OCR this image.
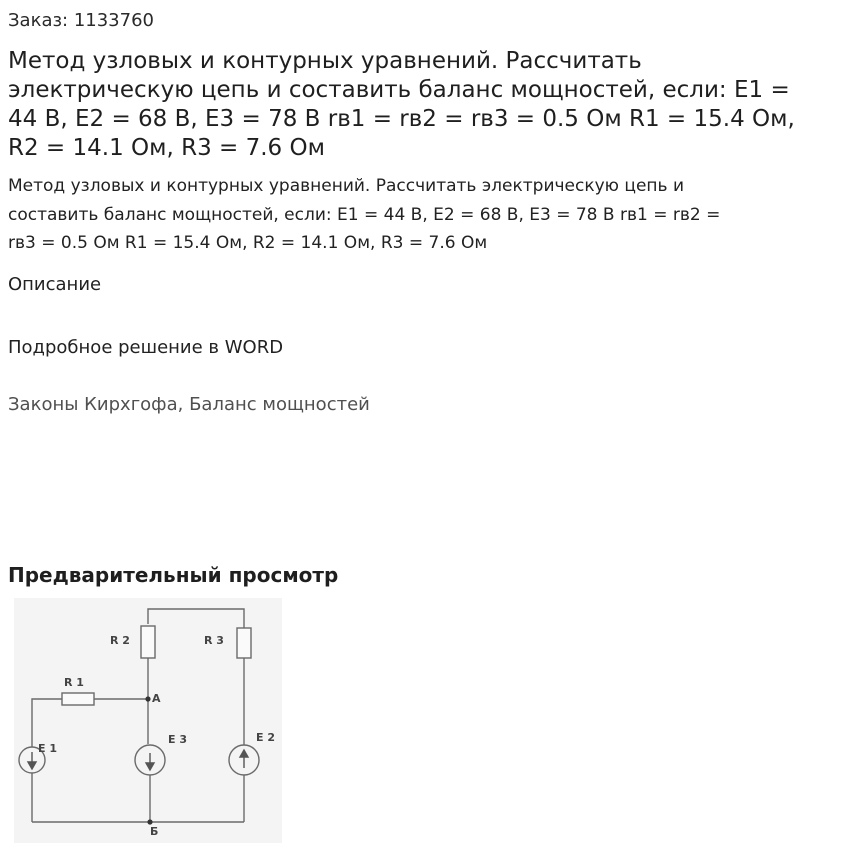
Заказ: 1133760

Метод узловых и контурных уравнений. Рассчитать
электрическую цепь и составить баланс мощностей, если: E1 =
44 В, E2 = 68 В, E3 = 78 В rв1 = rв2 = rв3 = 0.5 Ом R1 = 15.4 Ом,
R2 = 14.1 Ом, R3 = 7.6 Ом

Метод узловых и контурных уравнений. Рассчитать электрическую цепь и
составить баланс мощностей, если: E1 = 44 В, E2 = 68 В, E3 = 78 В rв1 = rв2 =
rв3 = 0.5 Ом R1 = 15.4 Ом, R2 = 14.1 Ом, R3 = 7.6 Ом

Описание

Подробное решение в WORD

Законы Кирхгофа, Баланс мощностей

Предварительный просмотр
R 2	R 3
R 1
A
E 1
E 3	E 2
Б
